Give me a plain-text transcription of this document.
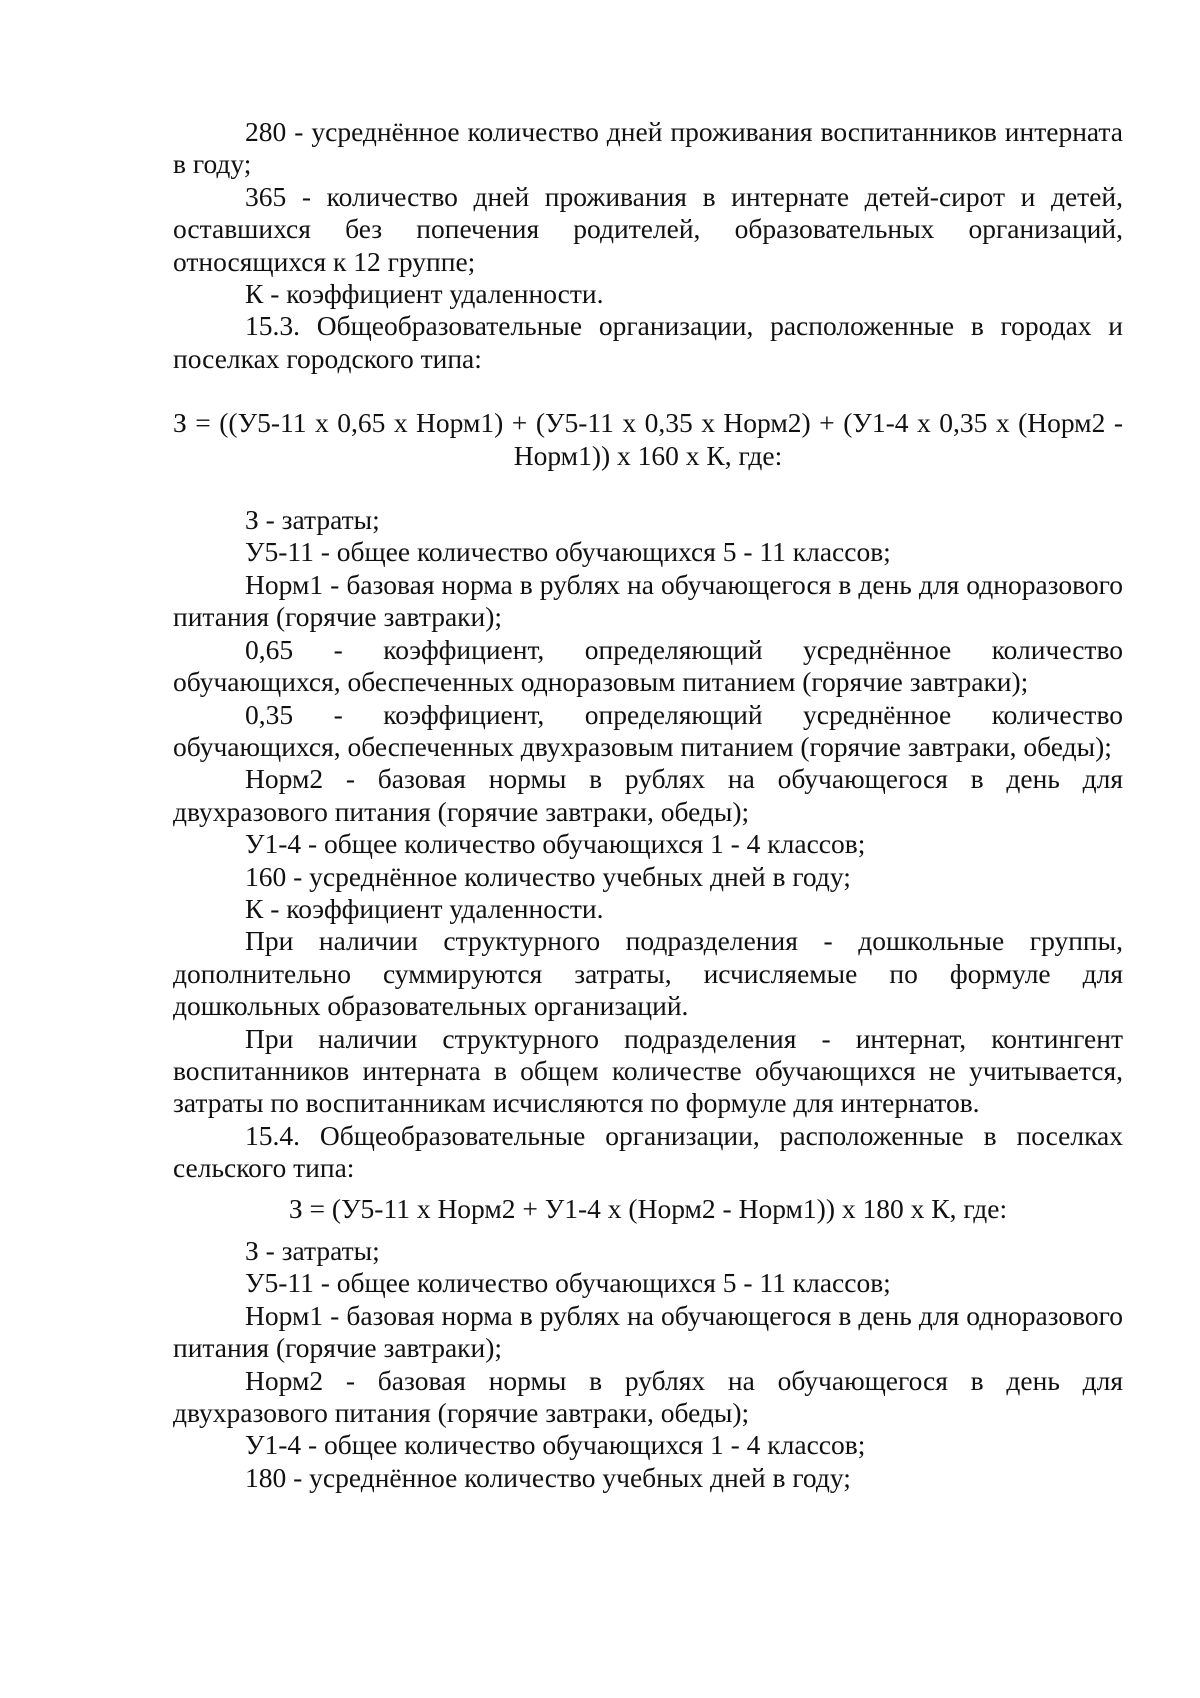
280 - усреднённое количество дней проживания воспитанников интерната в году;

365 - количество дней проживания в интернате детей-сирот и детей, оставшихся без попечения родителей, образовательных организаций, относящихся к 12 группе;

К - коэффициент удаленности.

15.3. Общеобразовательные организации, расположенные в городах и поселках городского типа:

З = ((У5-11 х 0,65 х Норм1) + (У5-11 х 0,35 х Норм2) + (У1-4 х 0,35 х (Норм2 - Норм1)) х 160 х К, где:

З - затраты;

У5-11 - общее количество обучающихся 5 - 11 классов;

Норм1 - базовая норма в рублях на обучающегося в день для одноразового питания (горячие завтраки);

0,65 - коэффициент, определяющий усреднённое количество обучающихся, обеспеченных одноразовым питанием (горячие завтраки);

0,35 - коэффициент, определяющий усреднённое количество обучающихся, обеспеченных двухразовым питанием (горячие завтраки, обеды);

Норм2 - базовая нормы в рублях на обучающегося в день для двухразового питания (горячие завтраки, обеды);

У1-4 - общее количество обучающихся 1 - 4 классов;

160 - усреднённое количество учебных дней в году;

К - коэффициент удаленности.

При наличии структурного подразделения - дошкольные группы, дополнительно суммируются затраты, исчисляемые по формуле для дошкольных образовательных организаций.

При наличии структурного подразделения - интернат, контингент воспитанников интерната в общем количестве обучающихся не учитывается, затраты по воспитанникам исчисляются по формуле для интернатов.

15.4. Общеобразовательные организации, расположенные в поселках сельского типа:

З = (У5-11 х Норм2 + У1-4 х (Норм2 - Норм1)) х 180 х К, где:

З - затраты;

У5-11 - общее количество обучающихся 5 - 11 классов;

Норм1 - базовая норма в рублях на обучающегося в день для одноразового питания (горячие завтраки);

Норм2 - базовая нормы в рублях на обучающегося в день для двухразового питания (горячие завтраки, обеды);

У1-4 - общее количество обучающихся 1 - 4 классов;

180 - усреднённое количество учебных дней в году;
